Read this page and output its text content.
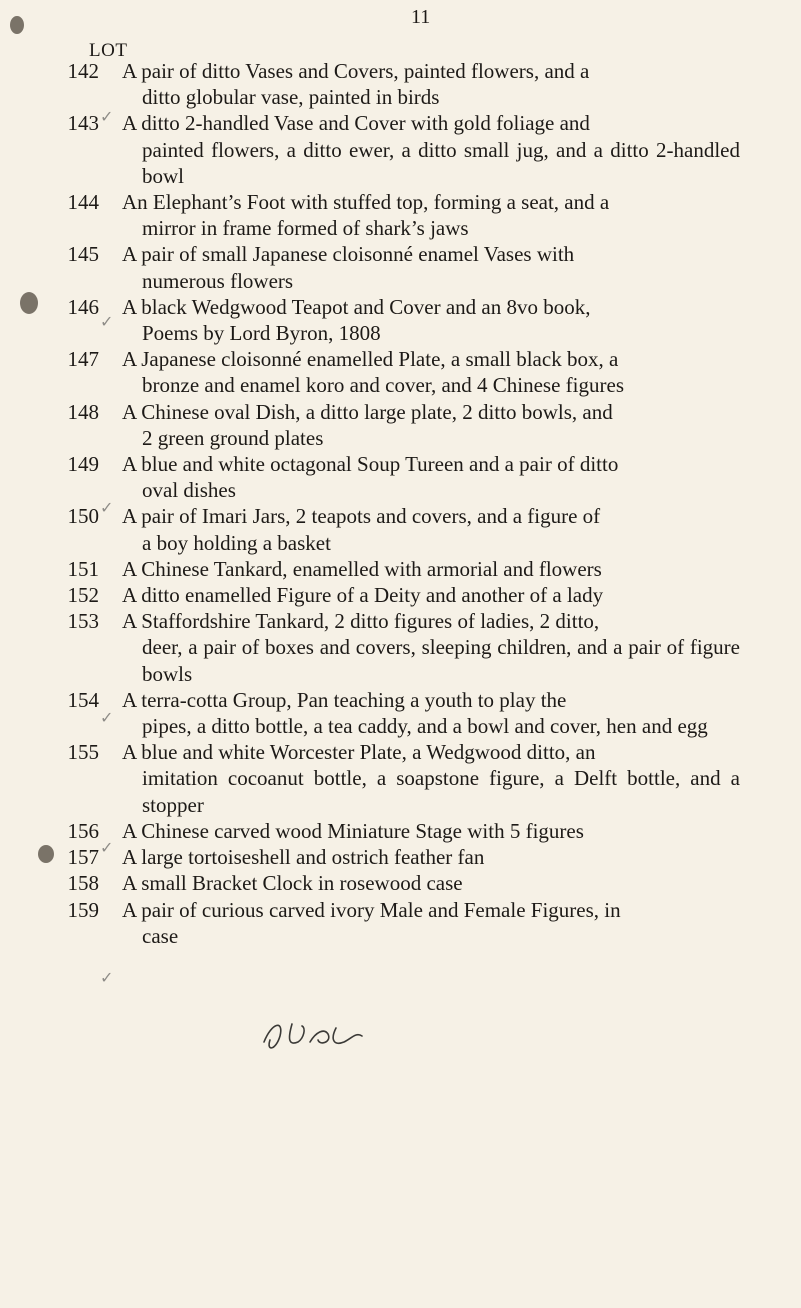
11
LOT
✓
✓
✓
✓
✓
✓
142	A pair of ditto Vases and Covers, painted flowers, and a
ditto globular vase, painted in birds
143	A ditto 2-handled Vase and Cover with gold foliage and
painted flowers, a ditto ewer, a ditto small jug, and a ditto 2-handled bowl
144	An Elephant’s Foot with stuffed top, forming a seat, and a
mirror in frame formed of shark’s jaws
145	A pair of small Japanese cloisonné enamel Vases with
numerous flowers
146	A black Wedgwood Teapot and Cover and an 8vo book,
Poems by Lord Byron, 1808
147	A Japanese cloisonné enamelled Plate, a small black box, a
bronze and enamel koro and cover, and 4 Chinese figures
148	A Chinese oval Dish, a ditto large plate, 2 ditto bowls, and
2 green ground plates
149	A blue and white octagonal Soup Tureen and a pair of ditto
oval dishes
150	A pair of Imari Jars, 2 teapots and covers, and a figure of
a boy holding a basket
151	A Chinese Tankard, enamelled with armorial and flowers
152	A ditto enamelled Figure of a Deity and another of a lady
153	A Staffordshire Tankard, 2 ditto figures of ladies, 2 ditto,
deer, a pair of boxes and covers, sleeping children, and a pair of figure bowls
154	A terra-cotta Group, Pan teaching a youth to play the
pipes, a ditto bottle, a tea caddy, and a bowl and cover, hen and egg
155	A blue and white Worcester Plate, a Wedgwood ditto, an
imitation cocoanut bottle, a soapstone figure, a Delft bottle, and a stopper
156	A Chinese carved wood Miniature Stage with 5 figures
157	A large tortoiseshell and ostrich feather fan
158	A small Bracket Clock in rosewood case
159	A pair of curious carved ivory Male and Female Figures, in
case
